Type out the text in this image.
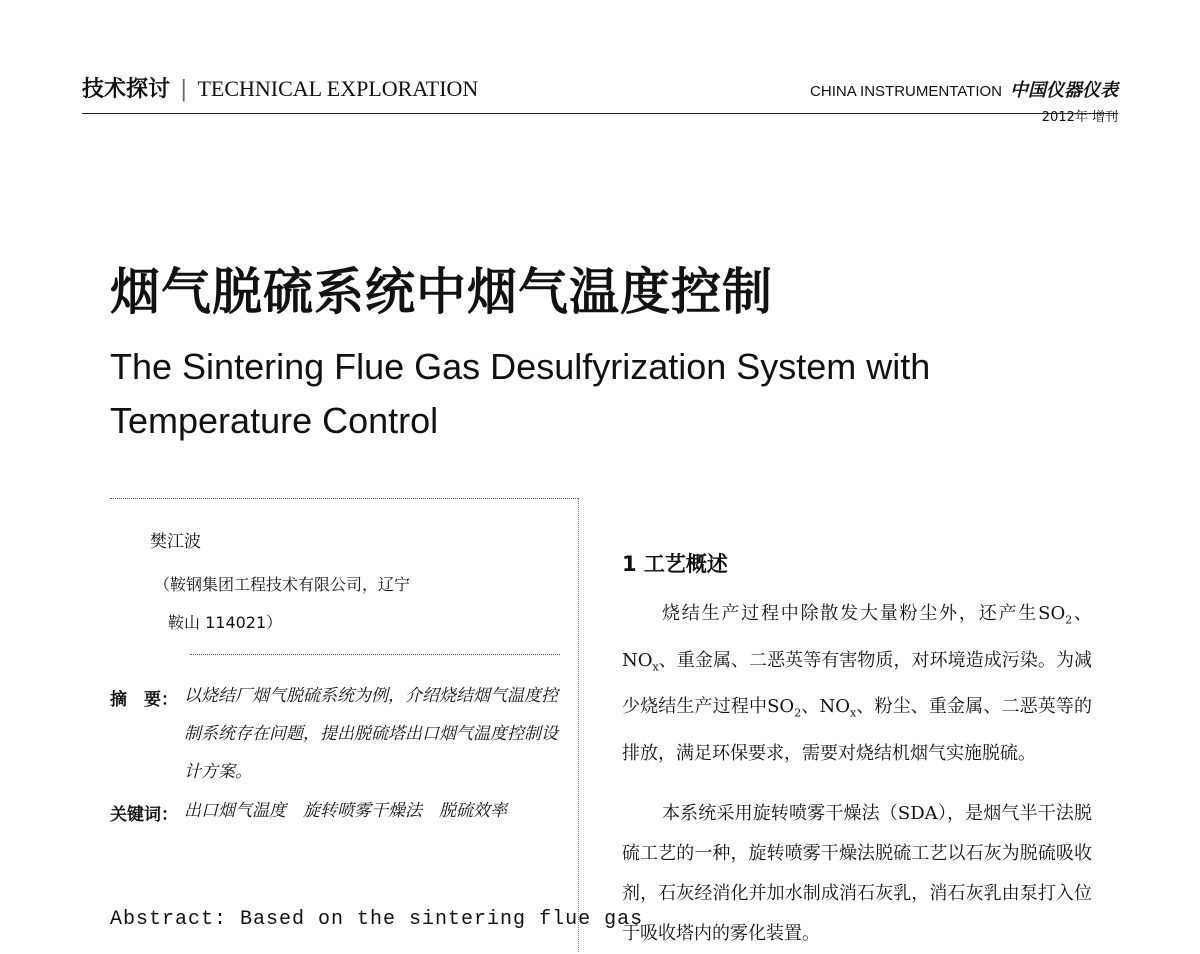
技术探讨 | TECHNICAL EXPLORATION	CHINA INSTRUMENTATION 中国仪器仪表
2012年 增刊
烟气脱硫系统中烟气温度控制
The Sintering Flue Gas Desulfyrization System with Temperature Control
樊江波
（鞍钢集团工程技术有限公司，辽宁
鞍山 114021）
摘　要： 以烧结厂烟气脱硫系统为例，介绍烧结烟气温度控制系统存在问题，提出脱硫塔出口烟气温度控制设计方案。
关键词： 出口烟气温度　旋转喷雾干燥法　脱硫效率
Abstract: Based on the sintering flue gas
1 工艺概述
烧结生产过程中除散发大量粉尘外，还产生$SO_2$、$NO_x$、重金属、二恶英等有害物质，对环境造成污染。为减少烧结生产过程中$SO_2$、$NO_x$、粉尘、重金属、二恶英等的排放，满足环保要求，需要对烧结机烟气实施脱硫。
本系统采用旋转喷雾干燥法（SDA），是烟气半干法脱硫工艺的一种，旋转喷雾干燥法脱硫工艺以石灰为脱硫吸收剂，石灰经消化并加水制成消石灰乳，消石灰乳由泵打入位于吸收塔内的雾化装置。
